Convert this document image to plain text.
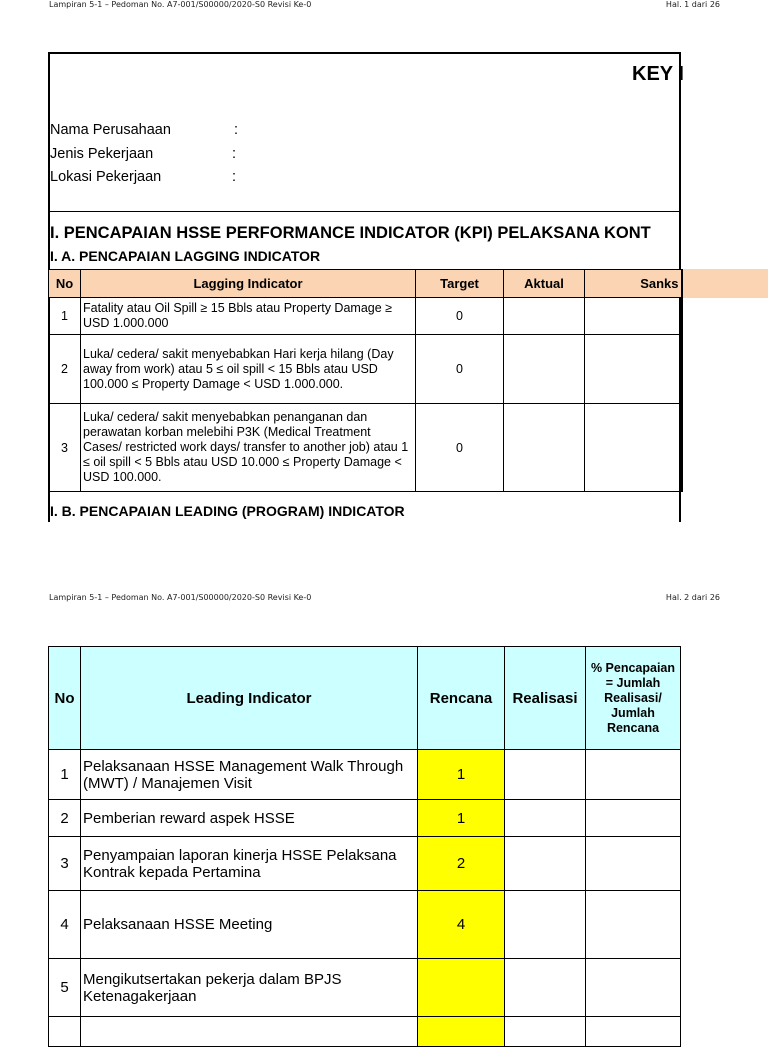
Lampiran 5-1 – Pedoman No. A7-001/S00000/2020-S0 Revisi Ke-0	Hal. 1 dari 26
KEY I
Nama Perusahaan	:
Jenis Pekerjaan	:
Lokasi Pekerjaan	:
I. PENCAPAIAN HSSE PERFORMANCE INDICATOR (KPI) PELAKSANA KONT
I. A. PENCAPAIAN LAGGING INDICATOR
No	Lagging Indicator	Target	Aktual	Sanks
1	Fatality atau Oil Spill ≥ 15 Bbls atau Property Damage ≥ USD 1.000.000	0		
2	Luka/ cedera/ sakit menyebabkan Hari kerja hilang (Day away from work) atau 5 ≤ oil spill < 15 Bbls atau USD 100.000 ≤ Property Damage < USD 1.000.000.	0		
3	Luka/ cedera/ sakit menyebabkan penanganan dan perawatan korban melebihi P3K (Medical Treatment Cases/ restricted work days/ transfer to another job) atau 1 ≤ oil spill < 5 Bbls atau USD 10.000 ≤ Property Damage < USD 100.000.	0		
I. B. PENCAPAIAN LEADING (PROGRAM) INDICATOR
Lampiran 5-1 – Pedoman No. A7-001/S00000/2020-S0 Revisi Ke-0	Hal. 2 dari 26
No	Leading Indicator	Rencana	Realisasi	% Pencapaian = Jumlah Realisasi/ Jumlah Rencana
1	Pelaksanaan HSSE Management Walk Through (MWT) / Manajemen Visit	1		
2	Pemberian reward aspek HSSE	1		
3	Penyampaian laporan kinerja HSSE Pelaksana Kontrak kepada Pertamina	2		
4	Pelaksanaan HSSE Meeting	4		
5	Mengikutsertakan pekerja dalam BPJS Ketenagakerjaan			
